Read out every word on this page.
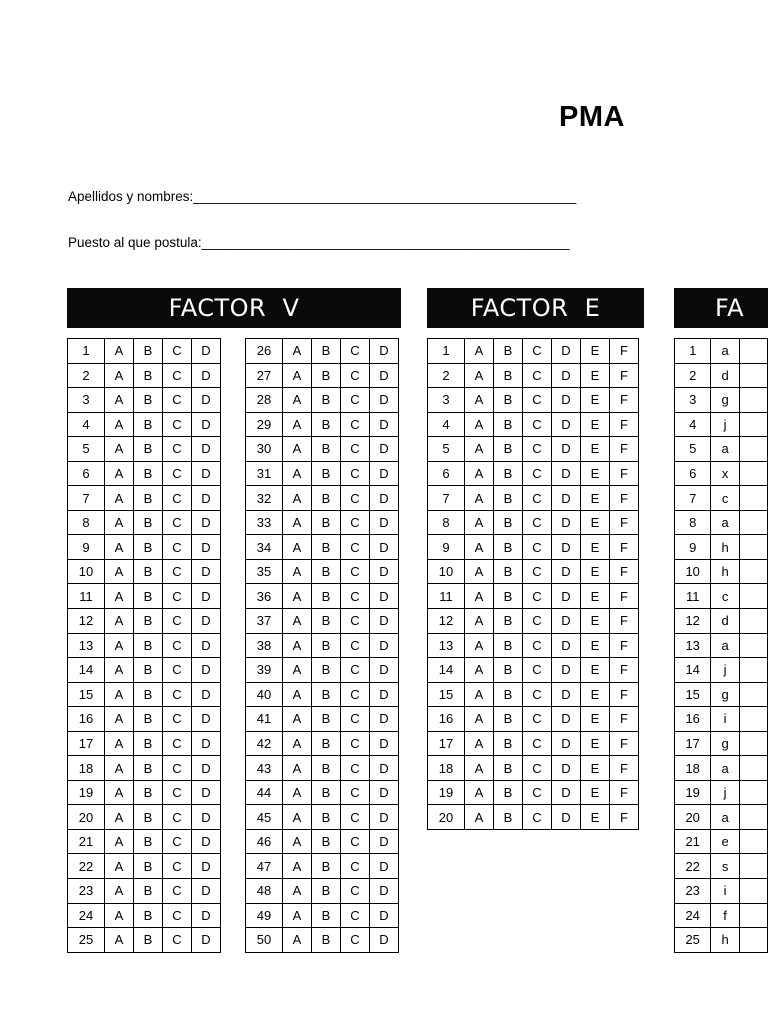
PMA
Apellidos y nombres:___________________________________________________
Puesto al que postula:_________________________________________________
FACTOR  V	FACTOR  E	FA
1	A	B	C	D
2	A	B	C	D
3	A	B	C	D
4	A	B	C	D
5	A	B	C	D
6	A	B	C	D
7	A	B	C	D
8	A	B	C	D
9	A	B	C	D
10	A	B	C	D
11	A	B	C	D
12	A	B	C	D
13	A	B	C	D
14	A	B	C	D
15	A	B	C	D
16	A	B	C	D
17	A	B	C	D
18	A	B	C	D
19	A	B	C	D
20	A	B	C	D
21	A	B	C	D
22	A	B	C	D
23	A	B	C	D
24	A	B	C	D
25	A	B	C	D
26	A	B	C	D
27	A	B	C	D
28	A	B	C	D
29	A	B	C	D
30	A	B	C	D
31	A	B	C	D
32	A	B	C	D
33	A	B	C	D
34	A	B	C	D
35	A	B	C	D
36	A	B	C	D
37	A	B	C	D
38	A	B	C	D
39	A	B	C	D
40	A	B	C	D
41	A	B	C	D
42	A	B	C	D
43	A	B	C	D
44	A	B	C	D
45	A	B	C	D
46	A	B	C	D
47	A	B	C	D
48	A	B	C	D
49	A	B	C	D
50	A	B	C	D
1	A	B	C	D	E	F
2	A	B	C	D	E	F
3	A	B	C	D	E	F
4	A	B	C	D	E	F
5	A	B	C	D	E	F
6	A	B	C	D	E	F
7	A	B	C	D	E	F
8	A	B	C	D	E	F
9	A	B	C	D	E	F
10	A	B	C	D	E	F
11	A	B	C	D	E	F
12	A	B	C	D	E	F
13	A	B	C	D	E	F
14	A	B	C	D	E	F
15	A	B	C	D	E	F
16	A	B	C	D	E	F
17	A	B	C	D	E	F
18	A	B	C	D	E	F
19	A	B	C	D	E	F
20	A	B	C	D	E	F
1	a	
2	d	
3	g	
4	j	
5	a	
6	x	
7	c	
8	a	
9	h	
10	h	
11	c	
12	d	
13	a	
14	j	
15	g	
16	i	
17	g	
18	a	
19	j	
20	a	
21	e	
22	s	
23	i	
24	f	
25	h	
